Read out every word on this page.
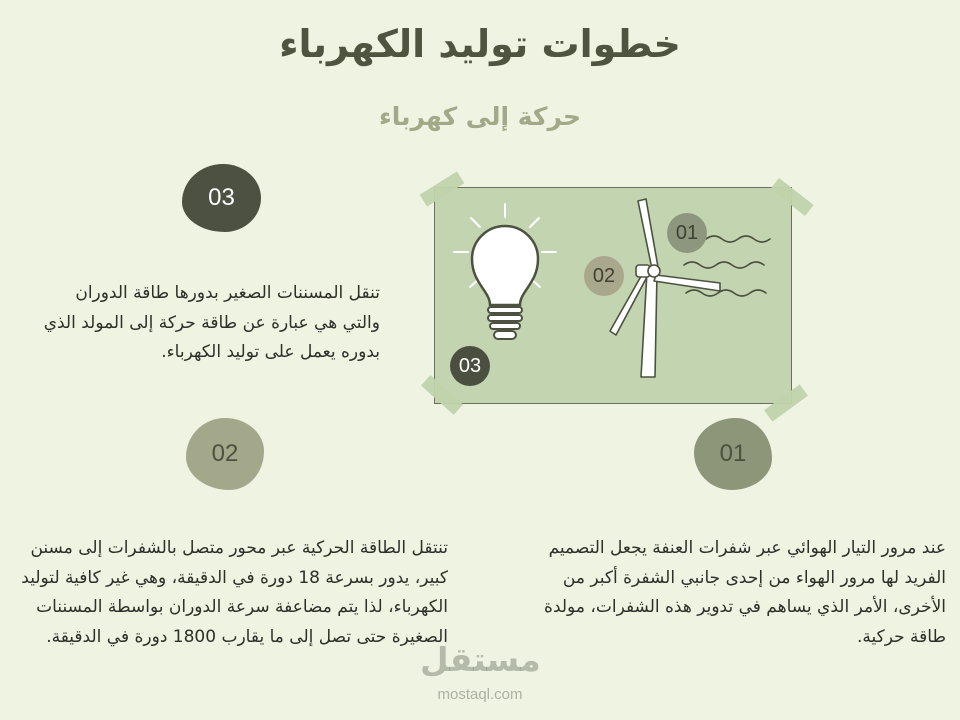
خطوات توليد الكهرباء
حركة إلى كهرباء
03
02	01

تنقل المسننات الصغير بدورها طاقة الدوران والتي هي عبارة عن طاقة حركة إلى المولد الذي بدوره يعمل على توليد الكهرباء.

تنتقل الطاقة الحركية عبر محور متصل بالشفرات إلى مسنن كبير، يدور بسرعة 18 دورة في الدقيقة، وهي غير كافية لتوليد الكهرباء، لذا يتم مضاعفة سرعة الدوران بواسطة المسننات الصغيرة حتى تصل إلى ما يقارب 1800 دورة في الدقيقة.

عند مرور التيار الهوائي عبر شفرات العنفة يجعل التصميم الفريد لها مرور الهواء من إحدى جانبي الشفرة أكبر من الأخرى، الأمر الذي يساهم في تدوير هذه الشفرات، مولدة طاقة حركية.

01
02
03
مستقل
mostaql.com
